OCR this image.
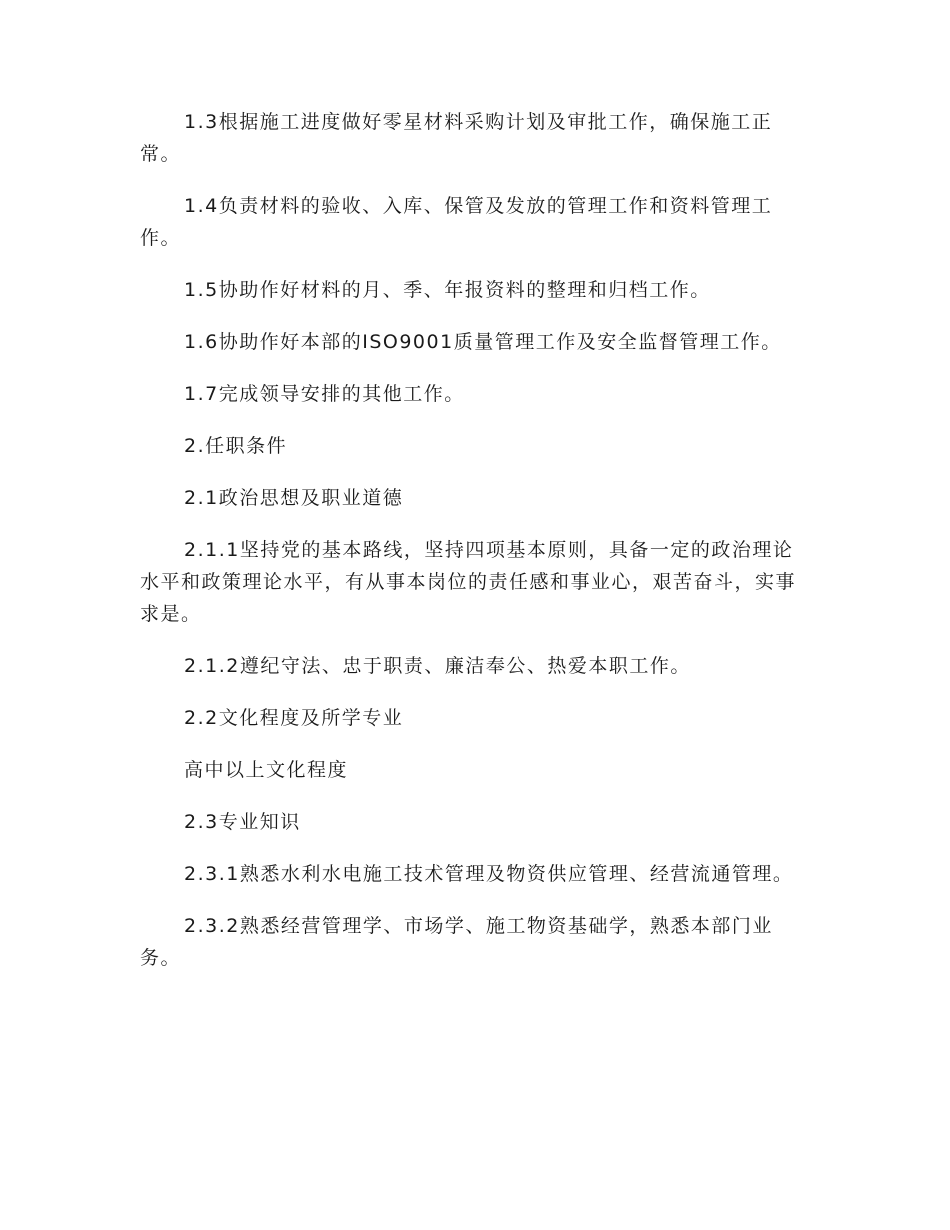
1.3根据施工进度做好零星材料采购计划及审批工作，确保施工正常。

1.4负责材料的验收、入库、保管及发放的管理工作和资料管理工作。

1.5协助作好材料的月、季、年报资料的整理和归档工作。

1.6协助作好本部的ISO9001质量管理工作及安全监督管理工作。

1.7完成领导安排的其他工作。

2.任职条件

2.1政治思想及职业道德

2.1.1坚持党的基本路线，坚持四项基本原则，具备一定的政治理论水平和政策理论水平，有从事本岗位的责任感和事业心，艰苦奋斗，实事求是。

2.1.2遵纪守法、忠于职责、廉洁奉公、热爱本职工作。

2.2文化程度及所学专业

高中以上文化程度

2.3专业知识

2.3.1熟悉水利水电施工技术管理及物资供应管理、经营流通管理。

2.3.2熟悉经营管理学、市场学、施工物资基础学，熟悉本部门业务。
